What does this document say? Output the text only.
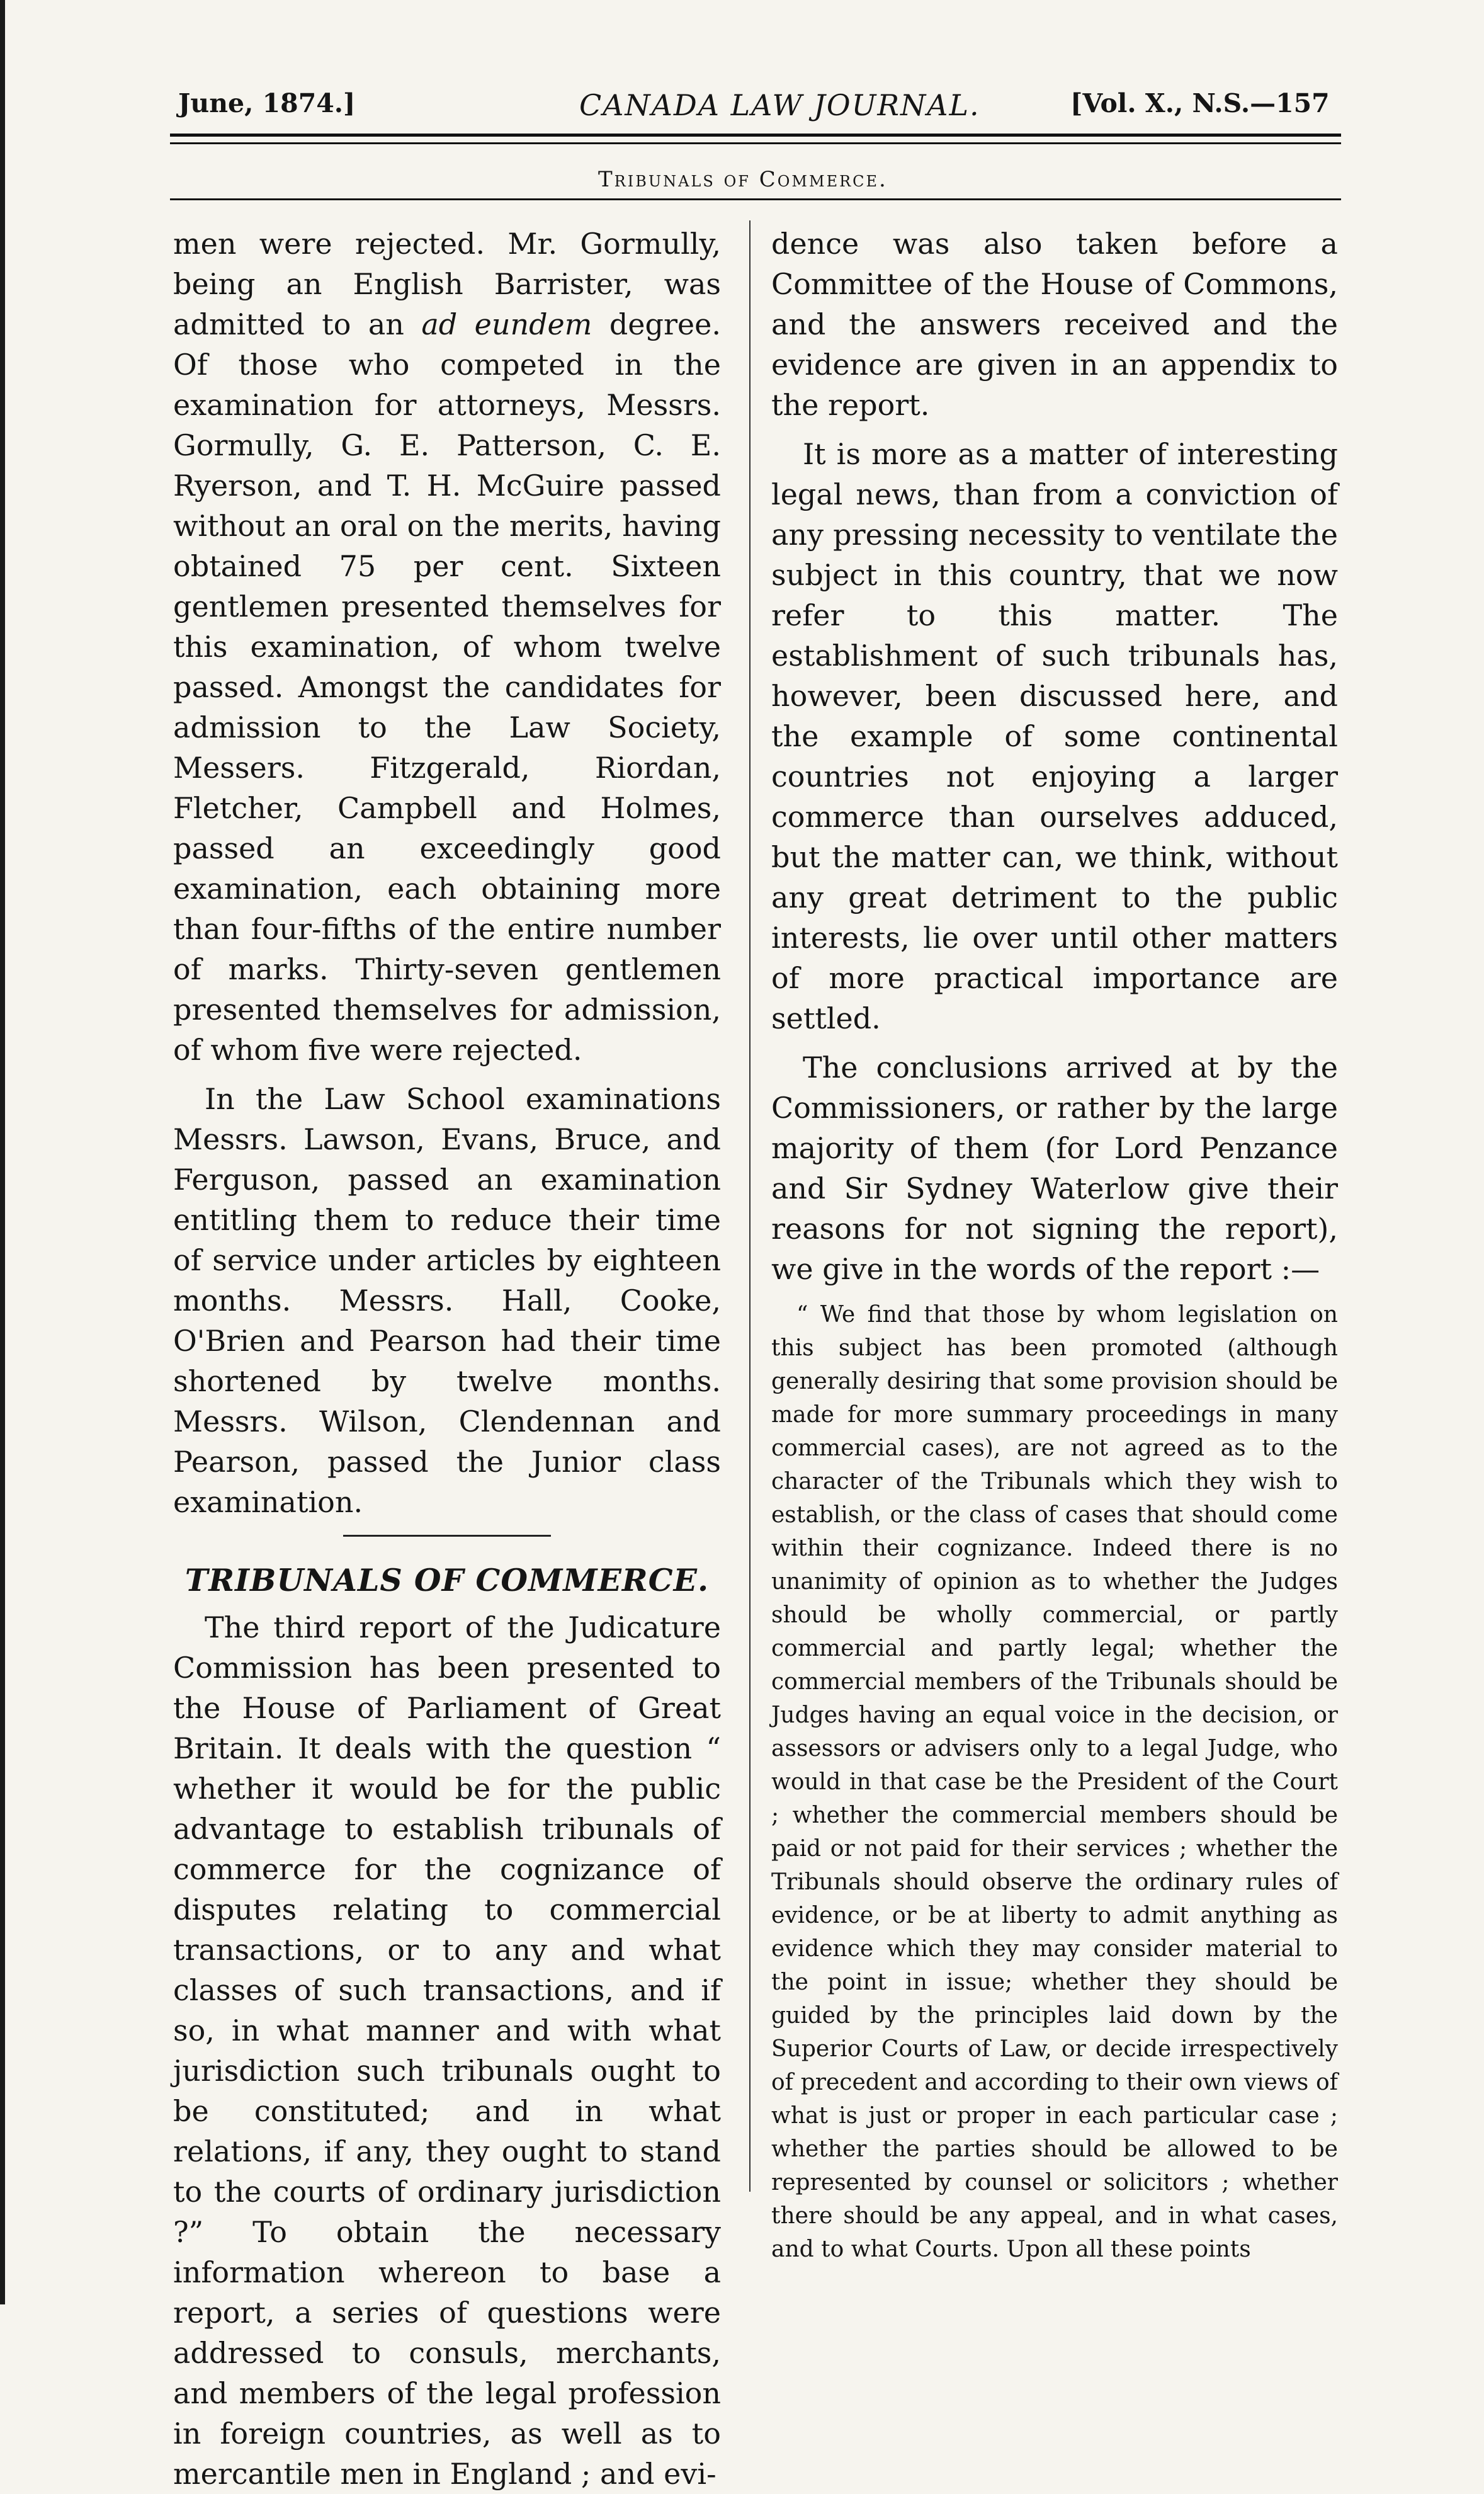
June, 1874.]	CANADA LAW JOURNAL.	[Vol. X., N.S.—157
Tribunals of Commerce.

men were rejected. Mr. Gormully, being an English Barrister, was admitted to an ad eundem degree. Of those who competed in the examination for attorneys, Messrs. Gormully, G. E. Patterson, C. E. Ryerson, and T. H. McGuire passed without an oral on the merits, having obtained 75 per cent. Sixteen gentlemen presented themselves for this examination, of whom twelve passed. Amongst the candidates for admission to the Law Society, Messers. Fitzgerald, Riordan, Fletcher, Campbell and Holmes, passed an exceedingly good examination, each obtaining more than four-fifths of the entire number of marks. Thirty-seven gentlemen presented themselves for admission, of whom five were rejected.

In the Law School examinations Messrs. Lawson, Evans, Bruce, and Ferguson, passed an examination entitling them to reduce their time of service under articles by eighteen months. Messrs. Hall, Cooke, O'Brien and Pearson had their time shortened by twelve months. Messrs. Wilson, Clendennan and Pearson, passed the Junior class examination.

TRIBUNALS OF COMMERCE.

The third report of the Judicature Commission has been presented to the House of Parliament of Great Britain. It deals with the question “ whether it would be for the public advantage to establish tribunals of commerce for the cognizance of disputes relating to commercial transactions, or to any and what classes of such transactions, and if so, in what manner and with what jurisdiction such tribunals ought to be constituted; and in what relations, if any, they ought to stand to the courts of ordinary jurisdiction ?” To obtain the necessary information whereon to base a report, a series of questions were addressed to consuls, merchants, and members of the legal profession in foreign countries, as well as to mercantile men in England ; and evi-

dence was also taken before a Committee of the House of Commons, and the answers received and the evidence are given in an appendix to the report.

It is more as a matter of interesting legal news, than from a conviction of any pressing necessity to ventilate the subject in this country, that we now refer to this matter. The establishment of such tribunals has, however, been discussed here, and the example of some continental countries not enjoying a larger commerce than ourselves adduced, but the matter can, we think, without any great detriment to the public interests, lie over until other matters of more practical importance are settled.

The conclusions arrived at by the Commissioners, or rather by the large majority of them (for Lord Penzance and Sir Sydney Waterlow give their reasons for not signing the report), we give in the words of the report :—

“ We find that those by whom legislation on this subject has been promoted (although generally desiring that some provision should be made for more summary proceedings in many commercial cases), are not agreed as to the character of the Tribunals which they wish to establish, or the class of cases that should come within their cognizance. Indeed there is no unanimity of opinion as to whether the Judges should be wholly commercial, or partly commercial and partly legal; whether the commercial members of the Tribunals should be Judges having an equal voice in the decision, or assessors or advisers only to a legal Judge, who would in that case be the President of the Court ; whether the commercial members should be paid or not paid for their services ; whether the Tribunals should observe the ordinary rules of evidence, or be at liberty to admit anything as evidence which they may consider material to the point in issue; whether they should be guided by the principles laid down by the Superior Courts of Law, or decide irrespectively of precedent and according to their own views of what is just or proper in each particular case ; whether the parties should be allowed to be represented by counsel or solicitors ; whether there should be any appeal, and in what cases, and to what Courts. Upon all these points
